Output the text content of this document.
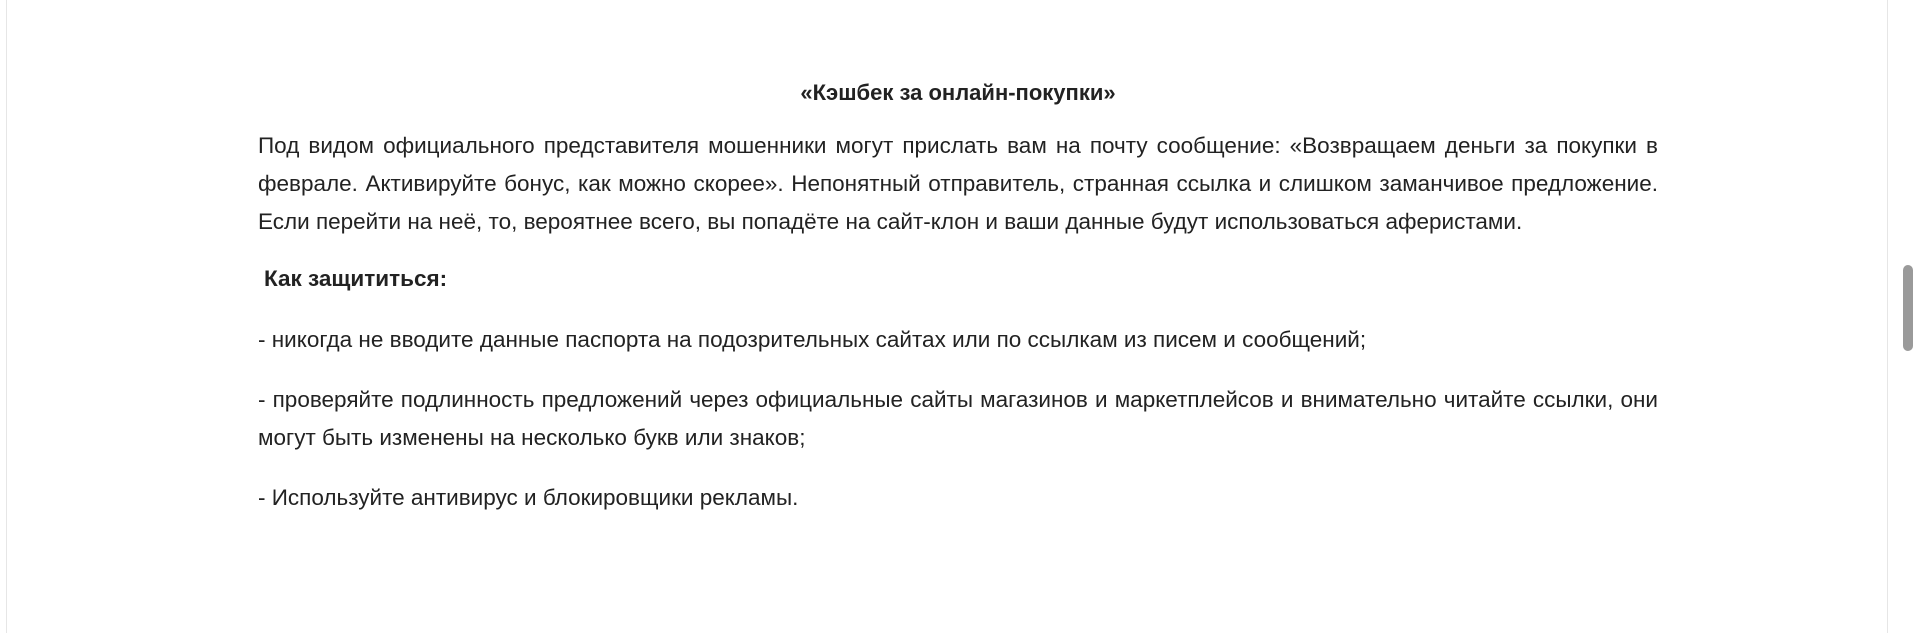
«Кэшбек за онлайн-покупки»

Под видом официального представителя мошенники могут прислать вам на почту сообщение: «Возвращаем деньги за покупки в феврале. Активируйте бонус, как можно скорее». Непонятный отправитель, странная ссылка и слишком заманчивое предложение. Если перейти на неё, то, вероятнее всего, вы попадёте на сайт-клон и ваши данные будут использоваться аферистами.

Как защититься:

- никогда не вводите данные паспорта на подозрительных сайтах или по ссылкам из писем и сообщений;

- проверяйте подлинность предложений через официальные сайты магазинов и маркетплейсов и внимательно читайте ссылки, они могут быть изменены на несколько букв или знаков;

- Используйте антивирус и блокировщики рекламы.
